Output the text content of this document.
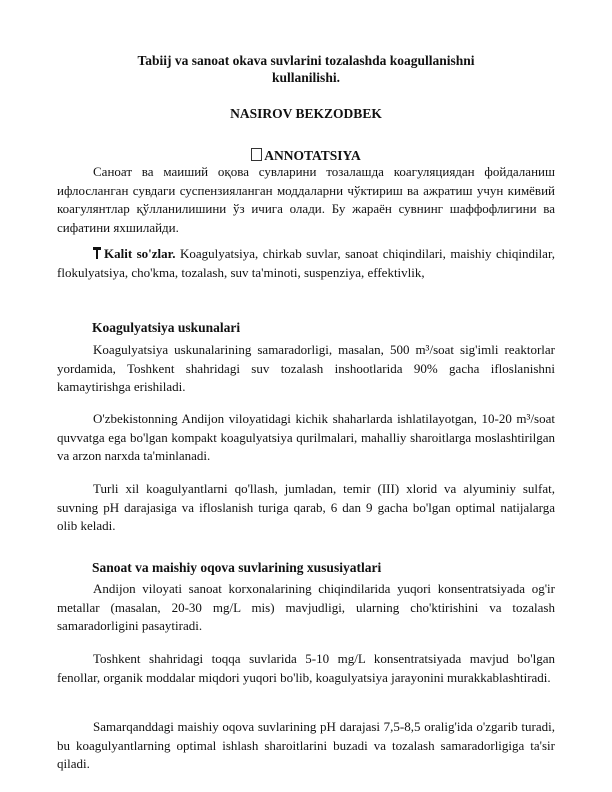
Tabiij va sanoat okava suvlarini tozalashda koagullanishni
kullanilishi.
NASIROV BEKZODBEK
ANNOTATSIYA

Саноат ва маиший оқова сувларини тозалашда коагуляциядан фойдаланиш ифлосланган сувдаги суспензияланган моддаларни чўктириш ва ажратиш учун кимёвий коагулянтлар қўлланилишини ўз ичига олади. Бу жараён сувнинг шаффофлигини ва сифатини яхшилайди.

Kalit so'zlar. Koagulyatsiya, chirkab suvlar, sanoat chiqindilari, maishiy chiqindilar, flokulyatsiya, cho'kma, tozalash, suv ta'minoti, suspenziya, effektivlik,

Koagulyatsiya uskunalari

Koagulyatsiya uskunalarining samaradorligi, masalan, 500 m³/soat sig'imli reaktorlar yordamida, Toshkent shahridagi suv tozalash inshootlarida 90% gacha ifloslanishni kamaytirishga erishiladi.

O'zbekistonning Andijon viloyatidagi kichik shaharlarda ishlatilayotgan, 10-20 m³/soat quvvatga ega bo'lgan kompakt koagulyatsiya qurilmalari, mahalliy sharoitlarga moslashtirilgan va arzon narxda ta'minlanadi.

Turli xil koagulyantlarni qo'llash, jumladan, temir (III) xlorid va alyuminiy sulfat, suvning pH darajasiga va ifloslanish turiga qarab, 6 dan 9 gacha bo'lgan optimal natijalarga olib keladi.

Sanoat va maishiy oqova suvlarining xususiyatlari

Andijon viloyati sanoat korxonalarining chiqindilarida yuqori konsentratsiyada og'ir metallar (masalan, 20-30 mg/L mis) mavjudligi, ularning cho'ktirishini va tozalash samaradorligini pasaytiradi.

Toshkent shahridagi toqqa suvlarida 5-10 mg/L konsentratsiyada mavjud bo'lgan fenollar, organik moddalar miqdori yuqori bo'lib, koagulyatsiya jarayonini murakkablashtiradi.

Samarqanddagi maishiy oqova suvlarining pH darajasi 7,5-8,5 oralig'ida o'zgarib turadi, bu koagulyantlarning optimal ishlash sharoitlarini buzadi va tozalash samaradorligiga ta'sir qiladi.
